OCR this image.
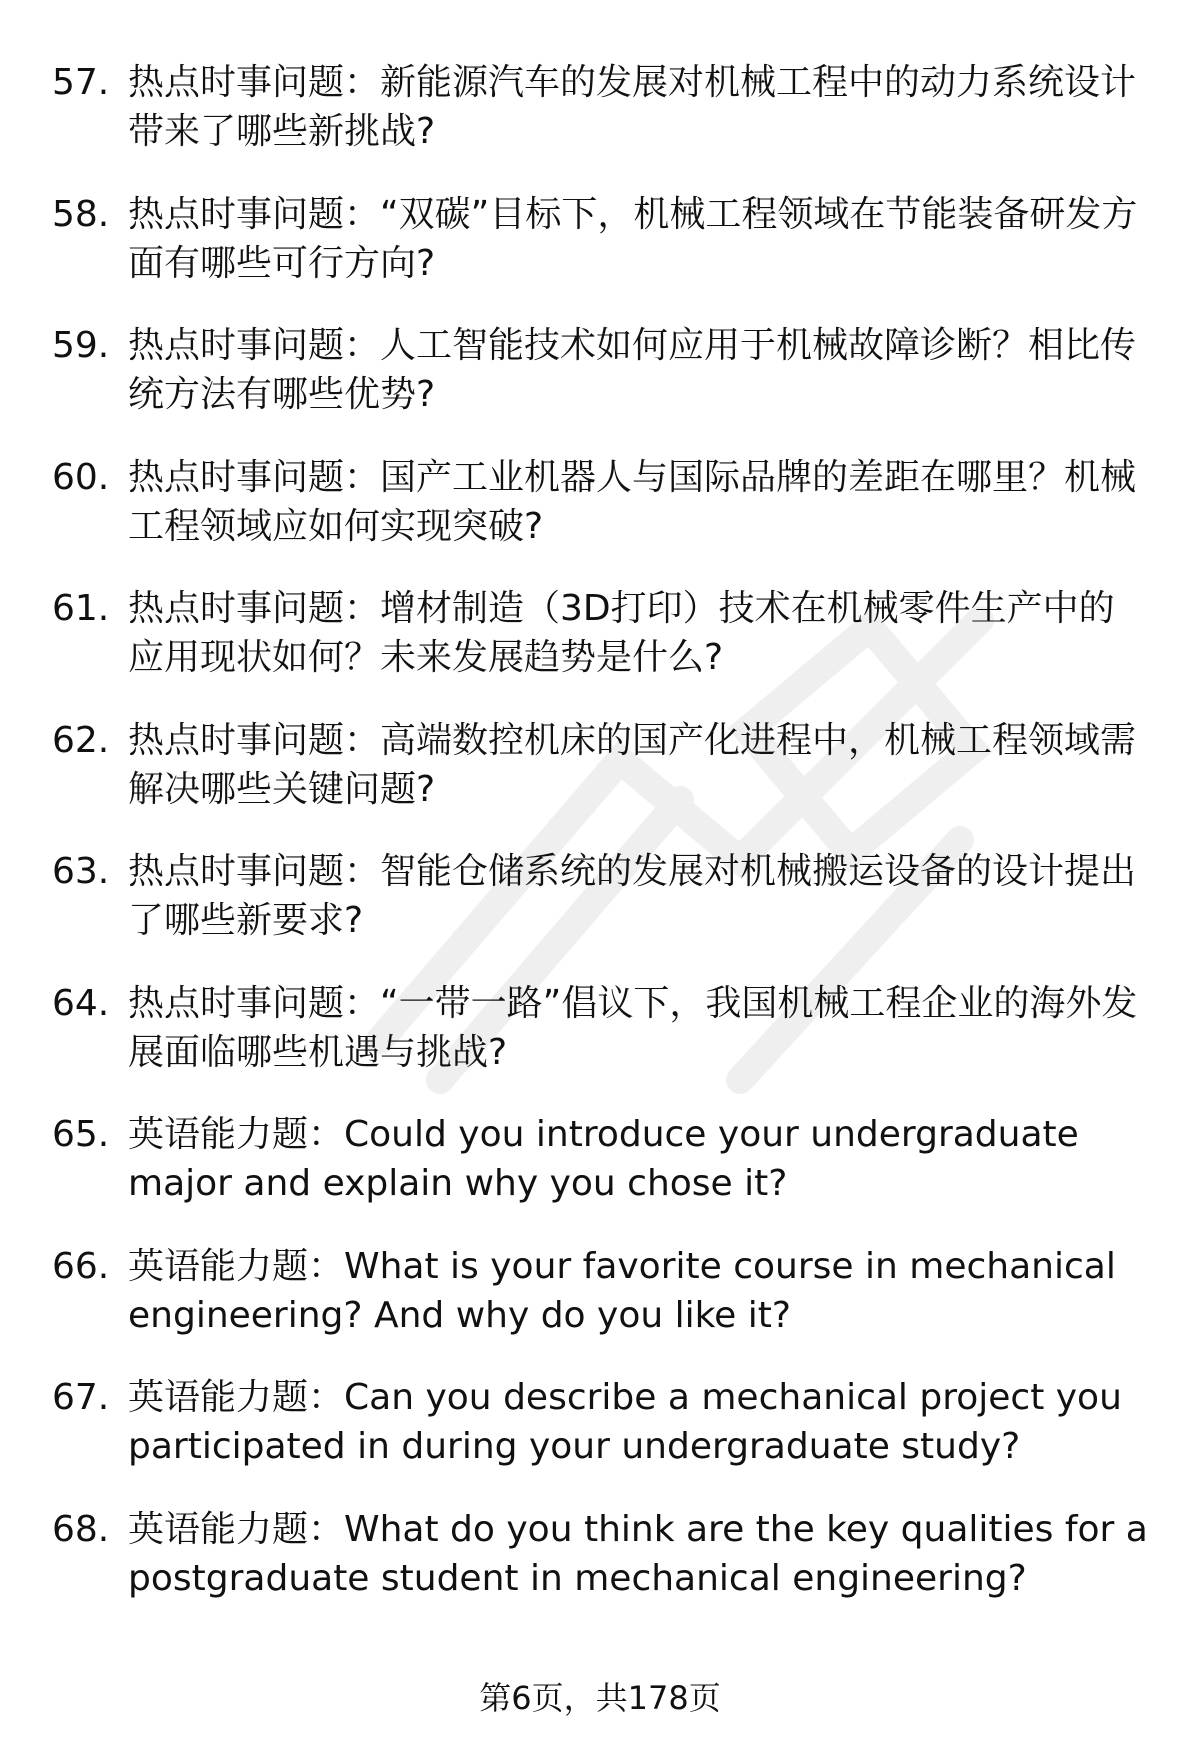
57. 热点时事问题：新能源汽车的发展对机械工程中的动力系统设计带来了哪些新挑战?
58. 热点时事问题：“双碳”目标下，机械工程领域在节能装备研发方面有哪些可行方向?
59. 热点时事问题：人工智能技术如何应用于机械故障诊断？相比传统方法有哪些优势?
60. 热点时事问题：国产工业机器人与国际品牌的差距在哪里？机械工程领域应如何实现突破?
61. 热点时事问题：增材制造（3D打印）技术在机械零件生产中的应用现状如何？未来发展趋势是什么?
62. 热点时事问题：高端数控机床的国产化进程中，机械工程领域需解决哪些关键问题?
63. 热点时事问题：智能仓储系统的发展对机械搬运设备的设计提出了哪些新要求?
64. 热点时事问题：“一带一路”倡议下，我国机械工程企业的海外发展面临哪些机遇与挑战?
65. 英语能力题：Could you introduce your undergraduate major and explain why you chose it?
66. 英语能力题：What is your favorite course in mechanical engineering? And why do you like it?
67. 英语能力题：Can you describe a mechanical project you participated in during your undergraduate study?
68. 英语能力题：What do you think are the key qualities for a postgraduate student in mechanical engineering?
第6页，共178页
